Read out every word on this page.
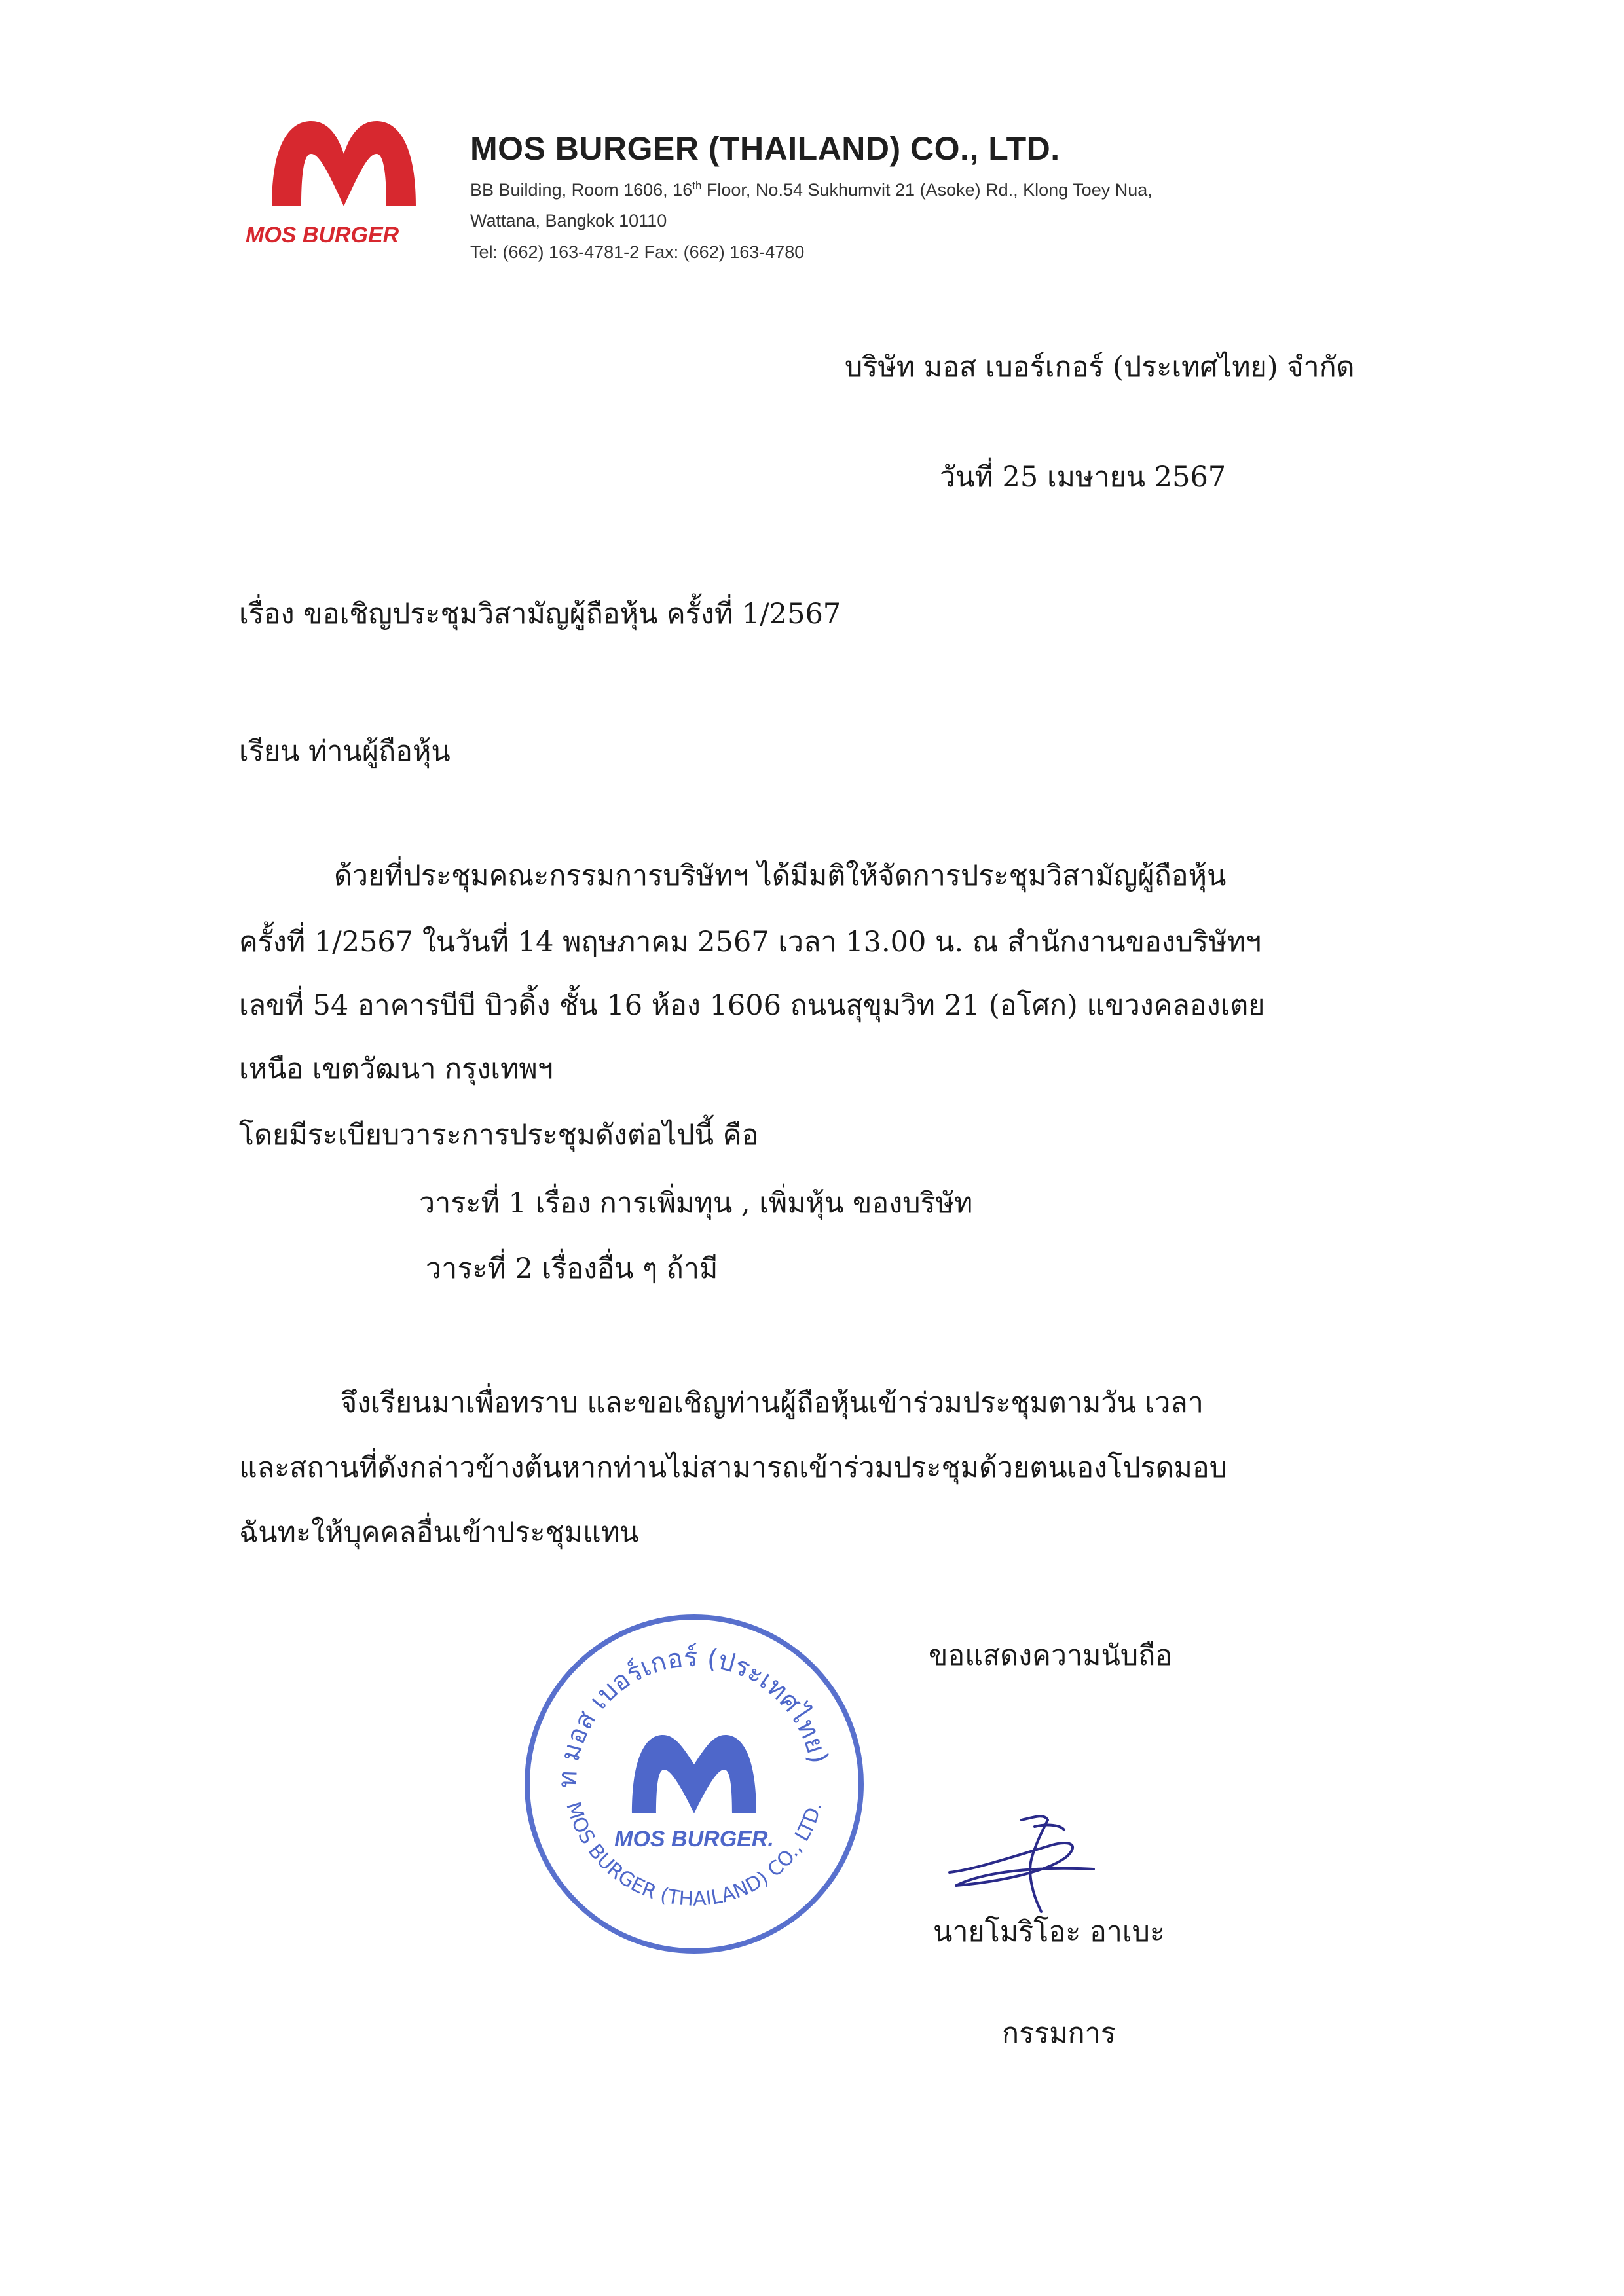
MOS BURGER
MOS BURGER (THAILAND) CO., LTD.
BB Building, Room 1606, 16th Floor, No.54 Sukhumvit 21 (Asoke) Rd., Klong Toey Nua,
Wattana, Bangkok 10110
Tel: (662) 163-4781-2 Fax: (662) 163-4780
บริษัท มอส เบอร์เกอร์ (ประเทศไทย) จำกัด
วันที่ 25 เมษายน 2567
เรื่อง ขอเชิญประชุมวิสามัญผู้ถือหุ้น ครั้งที่ 1/2567
เรียน ท่านผู้ถือหุ้น
ด้วยที่ประชุมคณะกรรมการบริษัทฯ ได้มีมติให้จัดการประชุมวิสามัญผู้ถือหุ้น
ครั้งที่ 1/2567 ในวันที่ 14 พฤษภาคม 2567 เวลา 13.00 น. ณ สำนักงานของบริษัทฯ
เลขที่ 54 อาคารบีบี บิวดิ้ง ชั้น 16 ห้อง 1606 ถนนสุขุมวิท 21 (อโศก) แขวงคลองเตย
เหนือ เขตวัฒนา กรุงเทพฯ
โดยมีระเบียบวาระการประชุมดังต่อไปนี้ คือ
วาระที่ 1 เรื่อง การเพิ่มทุน , เพิ่มหุ้น ของบริษัท
วาระที่ 2 เรื่องอื่น ๆ ถ้ามี
จึงเรียนมาเพื่อทราบ และขอเชิญท่านผู้ถือหุ้นเข้าร่วมประชุมตามวัน เวลา
และสถานที่ดังกล่าวข้างต้นหากท่านไม่สามารถเข้าร่วมประชุมด้วยตนเองโปรดมอบ
ฉันทะให้บุคคลอื่นเข้าประชุมแทน
ขอแสดงความนับถือ
ท มอส เบอร์เกอร์ (ประเทศไทย)
MOS BURGER (THAILAND) CO., LTD.
MOS BURGER.
นายโมริโอะ อาเบะ
กรรมการ
